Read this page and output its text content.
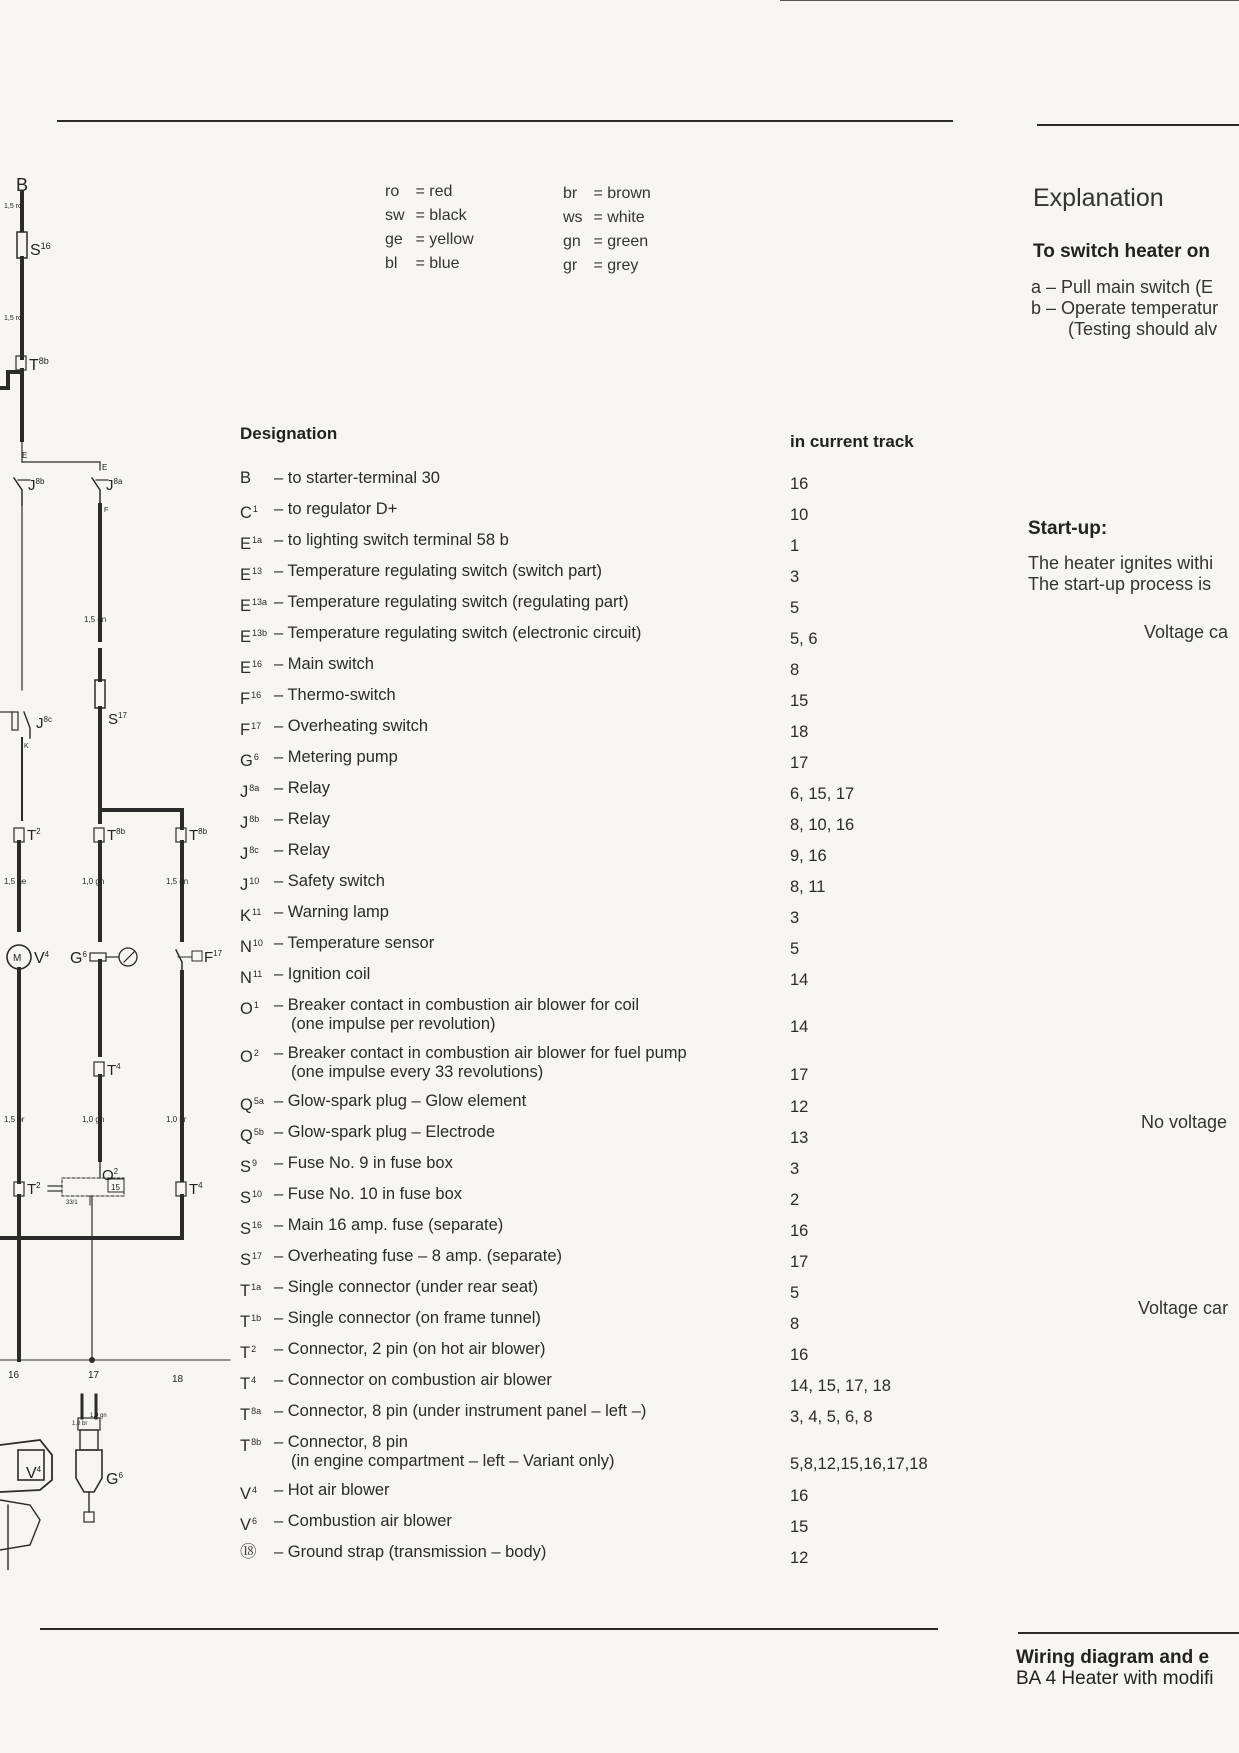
B
$S^{16}$
1,5 ro
1,5 ro
$T^{8b}$
E
E
$J^{8b}$	$J^{8a}$
F
1,5 gn
$J^{8c}$
K
$S^{17}$
$T^2$	$T^{8b}$	$T^{8b}$
1,5 ge	1,0 gn	1,5 gn
M $V^4$ $G^6$	$F^{17}$
$T^4$
1,5 br	1,0 gn	1,0 br
$O^2$
15
33/1
$T^2$	$T^4$
16	17	18
1,0 br
1,0 gn
$V^4$
$G^6$
ro = red
sw = black
ge = yellow
bl = blue
br = brown
ws = white
gn = green
gr = grey
Designation	in current track
B	– to starter-terminal 30	16
$C^1$ – to regulator D+	10
$E^{1a}$ – to lighting switch terminal 58 b	1
$E^{13}$ – Temperature regulating switch (switch part)	3
$E^{13a}$ – Temperature regulating switch (regulating part)	5
$E^{13b}$ – Temperature regulating switch (electronic circuit)	5, 6
$E^{16}$ – Main switch	8
$F^{16}$ – Thermo-switch	15
$F^{17}$ – Overheating switch	18
$G^6$ – Metering pump	17
$J^{8a}$ – Relay	6, 15, 17
$J^{8b}$ – Relay	8, 10, 16
$J^{8c}$ – Relay	9, 16
$J^{10}$ – Safety switch	8, 11
$K^{11}$ – Warning lamp	3
$N^{10}$ – Temperature sensor	5
$N^{11}$ – Ignition coil	14
$O^1$ – Breaker contact in combustion air blower for coil
(one impulse per revolution)	14
$O^2$ – Breaker contact in combustion air blower for fuel pump
(one impulse every 33 revolutions)	17
$Q^{5a}$ – Glow-spark plug – Glow element	12
$Q^{5b}$ – Glow-spark plug – Electrode	13
$S^9$	– Fuse No. 9 in fuse box	3
$S^{10}$ – Fuse No. 10 in fuse box	2
$S^{16}$ – Main 16 amp. fuse (separate)	16
$S^{17}$ – Overheating fuse – 8 amp. (separate)	17
$T^{1a}$ – Single connector (under rear seat)	5
$T^{1b}$ – Single connector (on frame tunnel)	8
$T^2$	– Connector, 2 pin (on hot air blower)	16
$T^4$	– Connector on combustion air blower	14, 15, 17, 18
$T^{8a}$ – Connector, 8 pin (under instrument panel – left –)	3, 4, 5, 6, 8
$T^{8b}$ – Connector, 8 pin
(in engine compartment – left – Variant only)	5,8,12,15,16,17,18
$V^4$	– Hot air blower	16
$V^6$	– Combustion air blower	15
⑱	– Ground strap (transmission – body)	12
Explanation
To switch heater on
a – Pull main switch (E
b – Operate temperatur
(Testing should alv
Start-up:
The heater ignites withi
The start-up process is
Voltage ca
No voltage
Voltage car
Wiring diagram and e
BA 4 Heater with modifi
